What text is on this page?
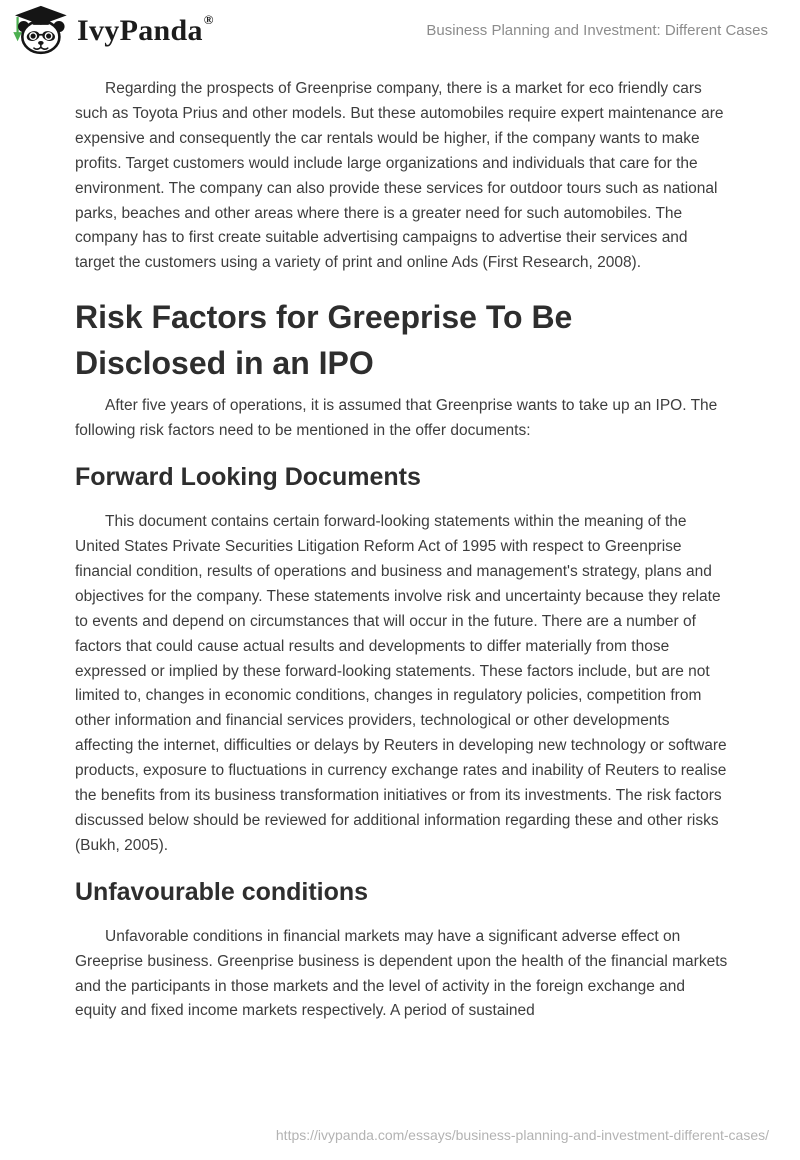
IvyPanda®
Business Planning and Investment: Different Cases

Regarding the prospects of Greenprise company, there is a market for eco friendly cars such as Toyota Prius and other models. But these automobiles require expert maintenance are expensive and consequently the car rentals would be higher, if the company wants to make profits. Target customers would include large organizations and individuals that care for the environment. The company can also provide these services for outdoor tours such as national parks, beaches and other areas where there is a greater need for such automobiles. The company has to first create suitable advertising campaigns to advertise their services and target the customers using a variety of print and online Ads (First Research, 2008).

Risk Factors for Greeprise To Be Disclosed in an IPO

After five years of operations, it is assumed that Greenprise wants to take up an IPO. The following risk factors need to be mentioned in the offer documents:

Forward Looking Documents

This document contains certain forward-looking statements within the meaning of the United States Private Securities Litigation Reform Act of 1995 with respect to Greenprise financial condition, results of operations and business and management's strategy, plans and objectives for the company. These statements involve risk and uncertainty because they relate to events and depend on circumstances that will occur in the future. There are a number of factors that could cause actual results and developments to differ materially from those expressed or implied by these forward-looking statements. These factors include, but are not limited to, changes in economic conditions, changes in regulatory policies, competition from other information and financial services providers, technological or other developments affecting the internet, difficulties or delays by Reuters in developing new technology or software products, exposure to fluctuations in currency exchange rates and inability of Reuters to realise the benefits from its business transformation initiatives or from its investments. The risk factors discussed below should be reviewed for additional information regarding these and other risks (Bukh, 2005).

Unfavourable conditions

Unfavorable conditions in financial markets may have a significant adverse effect on Greeprise business. Greenprise business is dependent upon the health of the financial markets and the participants in those markets and the level of activity in the foreign exchange and equity and fixed income markets respectively. A period of sustained

https://ivypanda.com/essays/business-planning-and-investment-different-cases/
